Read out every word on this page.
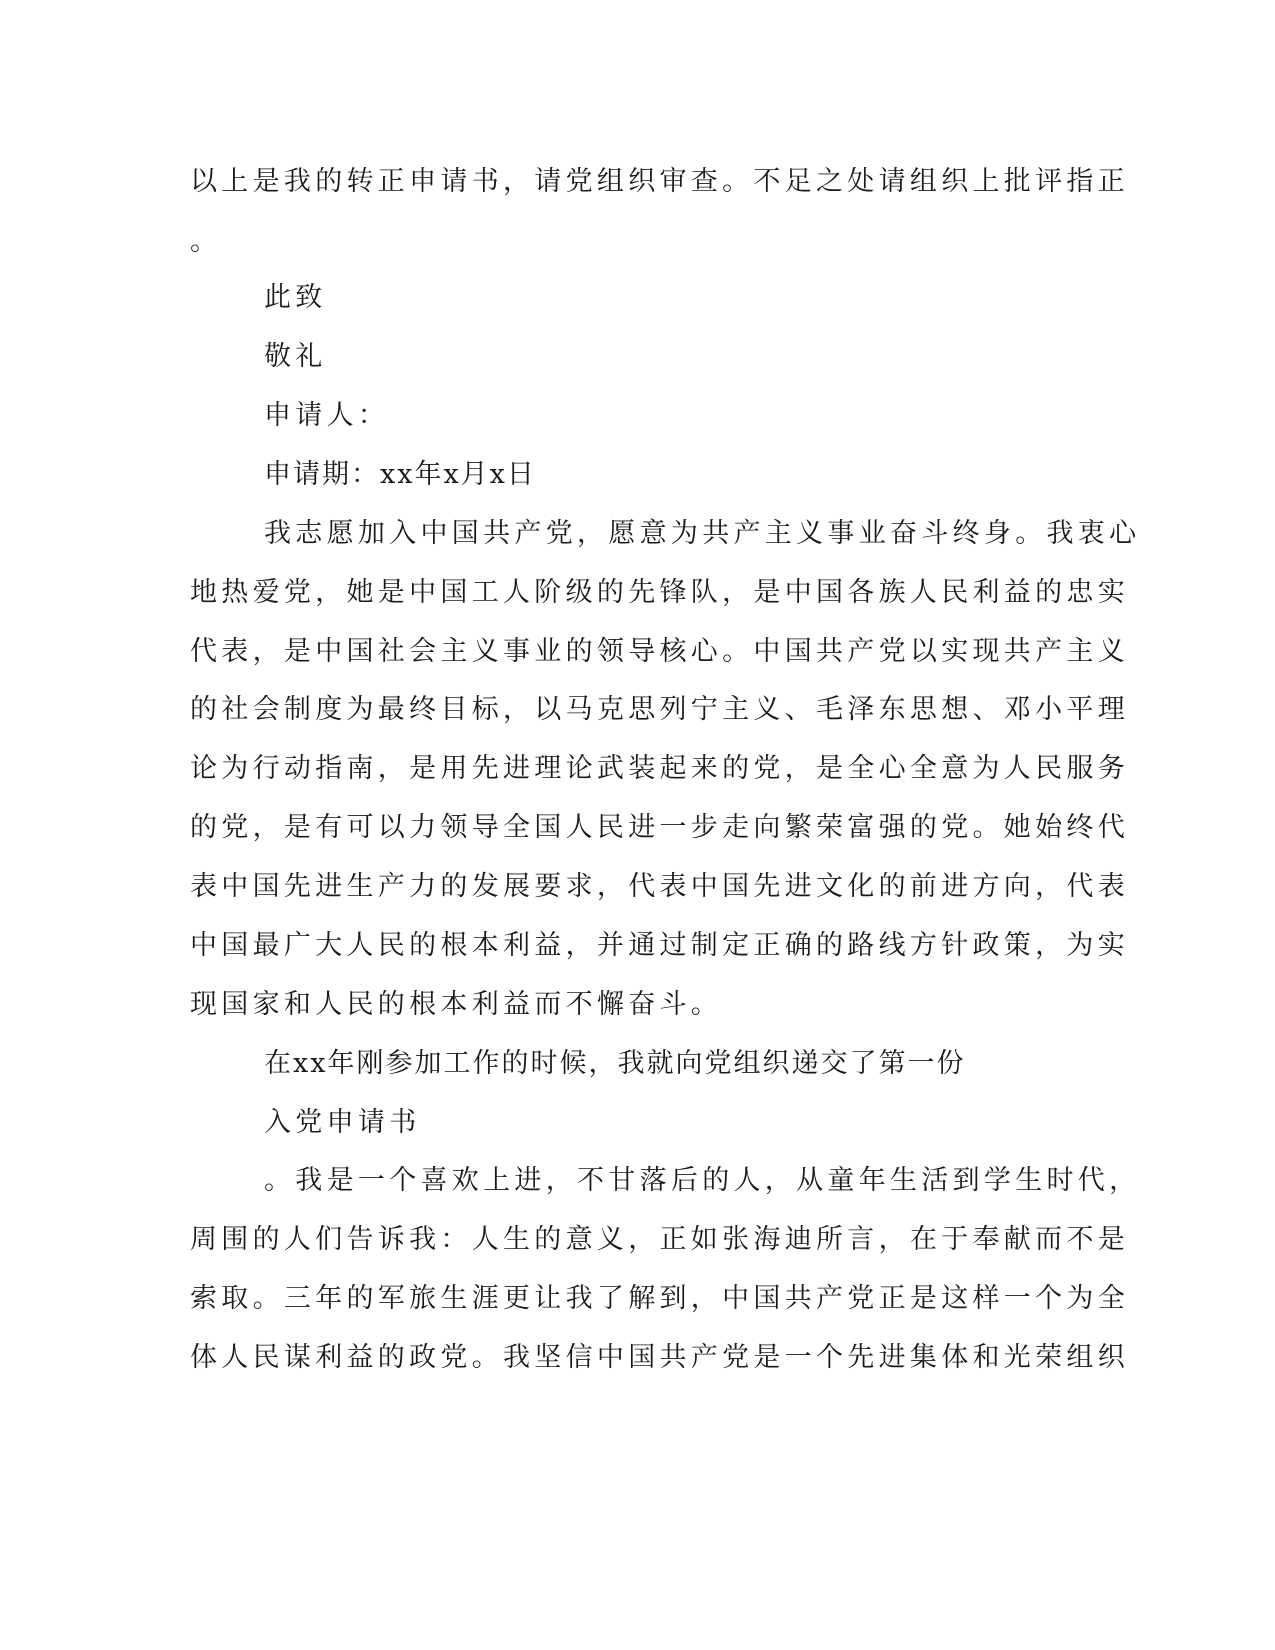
以上是我的转正申请书，请党组织审查。不足之处请组织上批评指正
。
此致
敬礼
申请人：
申请期：xx年x月x日
我志愿加入中国共产党，愿意为共产主义事业奋斗终身。我衷心
地热爱党，她是中国工人阶级的先锋队，是中国各族人民利益的忠实
代表，是中国社会主义事业的领导核心。中国共产党以实现共产主义
的社会制度为最终目标，以马克思列宁主义、毛泽东思想、邓小平理
论为行动指南，是用先进理论武装起来的党，是全心全意为人民服务
的党，是有可以力领导全国人民进一步走向繁荣富强的党。她始终代
表中国先进生产力的发展要求，代表中国先进文化的前进方向，代表
中国最广大人民的根本利益，并通过制定正确的路线方针政策，为实
现国家和人民的根本利益而不懈奋斗。
在xx年刚参加工作的时候，我就向党组织递交了第一份
入党申请书
。我是一个喜欢上进，不甘落后的人，从童年生活到学生时代，
周围的人们告诉我：人生的意义，正如张海迪所言，在于奉献而不是
索取。三年的军旅生涯更让我了解到，中国共产党正是这样一个为全
体人民谋利益的政党。我坚信中国共产党是一个先进集体和光荣组织
